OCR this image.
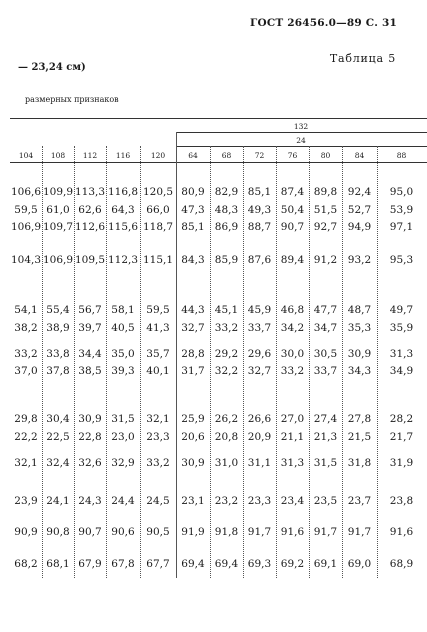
ГОСТ 26456.0—89 С. 31
— 23,24 см)
Таблица 5
размерных признаков
132
24
104	108	112	116	120	64	68	72	76	80	84	88
106,6 109,9 113,3 116,8 120,5 80,9 82,9 85,1 87,4 89,8	92,4	95,0
59,5 61,0 62,6 64,3	66,0	47,3 48,3 49,3 50,4 51,5	52,7	53,9
106,9 109,7 112,6 115,6 118,7 85,1 86,9 88,7 90,7 92,7	94,9	97,1
104,3 106,9 109,5 112,3 115,1 84,3 85,9 87,6 89,4 91,2	93,2	95,3
54,1 55,4 56,7 58,1	59,5	44,3 45,1 45,9 46,8 47,7	48,7	49,7
38,2 38,9 39,7 40,5	41,3	32,7 33,2 33,7 34,2 34,7	35,3	35,9
33,2 33,8 34,4 35,0	35,7	28,8 29,2 29,6 30,0 30,5	30,9	31,3
37,0 37,8 38,5 39,3	40,1	31,7 32,2 32,7 33,2 33,7	34,3	34,9
29,8 30,4 30,9 31,5	32,1	25,9 26,2 26,6 27,0 27,4	27,8	28,2
22,2 22,5 22,8 23,0	23,3	20,6 20,8 20,9 21,1 21,3	21,5	21,7
32,1 32,4 32,6 32,9	33,2	30,9 31,0 31,1 31,3 31,5	31,8	31,9
23,9 24,1 24,3 24,4	24,5	23,1 23,2 23,3 23,4 23,5	23,7	23,8
90,9 90,8 90,7 90,6	90,5	91,9 91,8 91,7 91,6 91,7	91,7	91,6
68,2 68,1 67,9 67,8	67,7	69,4 69,4 69,3 69,2 69,1	69,0	68,9
